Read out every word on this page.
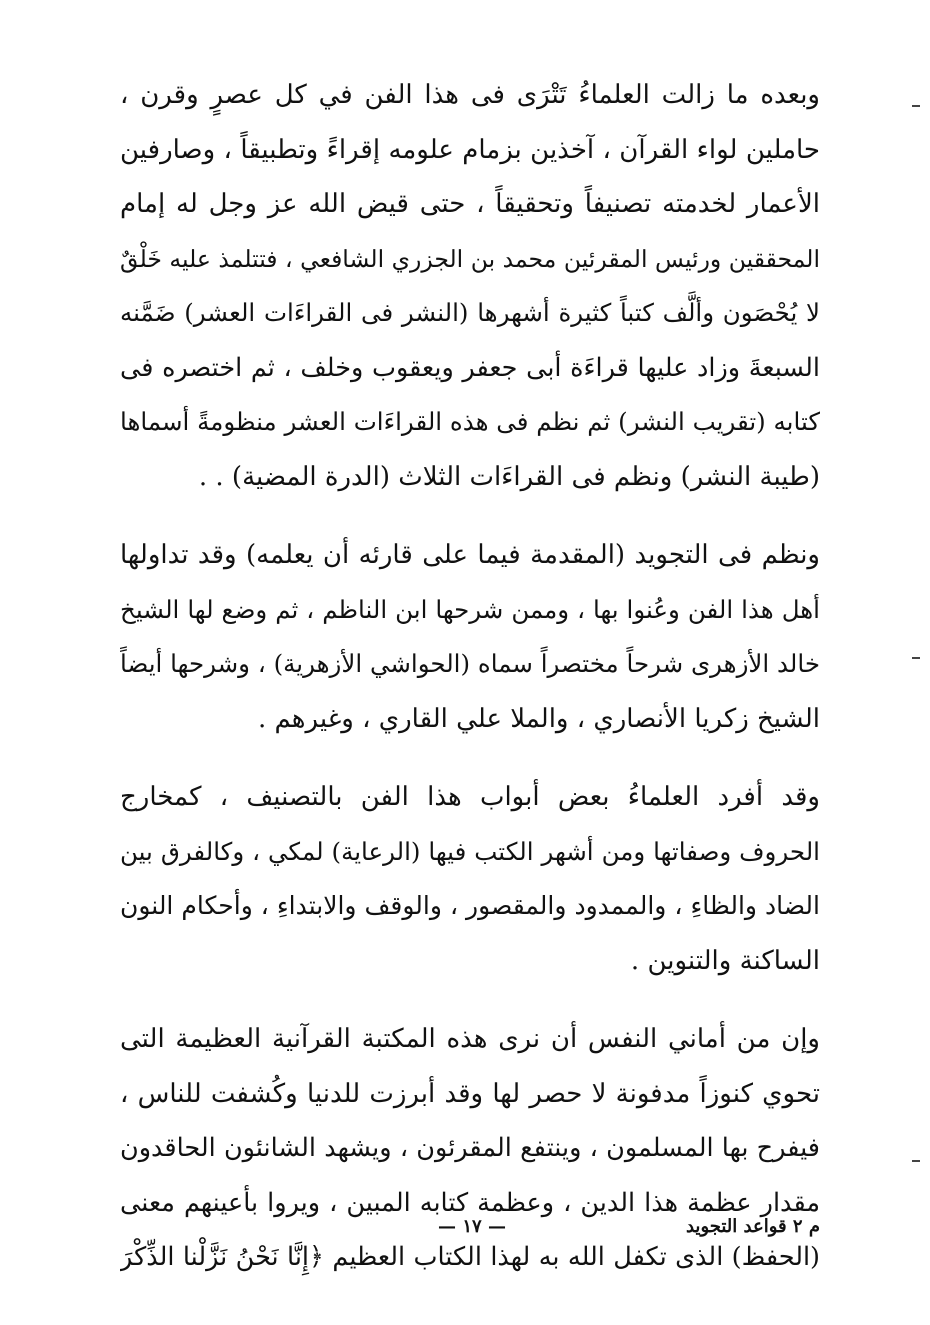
وبعده ما زالت العلماءُ تَتْرَى فى هذا الفن في كل عصرٍ وقرن ،
حاملين لواء القرآن ، آخذين بزمام علومه إقراءً وتطبيقاً ، وصارفين
الأعمار لخدمته تصنيفاً وتحقيقاً ، حتى قيض الله عز وجل له إمام
المحققين ورئيس المقرئين محمد بن الجزري الشافعي ، فتتلمذ عليه خَلْقٌ
لا يُحْصَون وألَّف كتباً كثيرة أشهرها (النشر فى القراءَات العشر) ضَمَّنه
السبعةَ وزاد عليها قراءَة أبى جعفر ويعقوب وخلف ، ثم اختصره فى
كتابه (تقريب النشر) ثم نظم فى هذه القراءَات العشر منظومةً أسماها
(طيبة النشر) ونظم فى القراءَات الثلاث (الدرة المضية) . .
ونظم فى التجويد (المقدمة فيما على قارئه أن يعلمه) وقد تداولها
أهل هذا الفن وعُنوا بها ، وممن شرحها ابن الناظم ، ثم وضع لها الشيخ
خالد الأزهرى شرحاً مختصراً سماه (الحواشي الأزهرية) ، وشرحها أيضاً
الشيخ زكريا الأنصاري ، والملا علي القاري ، وغيرهم .
وقد أفرد العلماءُ بعض أبواب هذا الفن بالتصنيف ، كمخارج
الحروف وصفاتها ومن أشهر الكتب فيها (الرعاية) لمكي ، وكالفرق بين
الضاد والظاءِ ، والممدود والمقصور ، والوقف والابتداءِ ، وأحكام النون
الساكنة والتنوين .
وإن من أماني النفس أن نرى هذه المكتبة القرآنية العظيمة التى
تحوي كنوزاً مدفونة لا حصر لها وقد أبرزت للدنيا وكُشفت للناس ،
فيفرح بها المسلمون ، وينتفع المقرئون ، ويشهد الشانئون الحاقدون
مقدار عظمة هذا الدين ، وعظمة كتابه المبين ، ويروا بأعينهم معنى
(الحفظ) الذى تكفل الله به لهذا الكتاب العظيم ﴿إِنَّا نَحْنُ نَزَّلْنا الذِّكْرَ
م ٢ قواعد التجويد
— ١٧ —
